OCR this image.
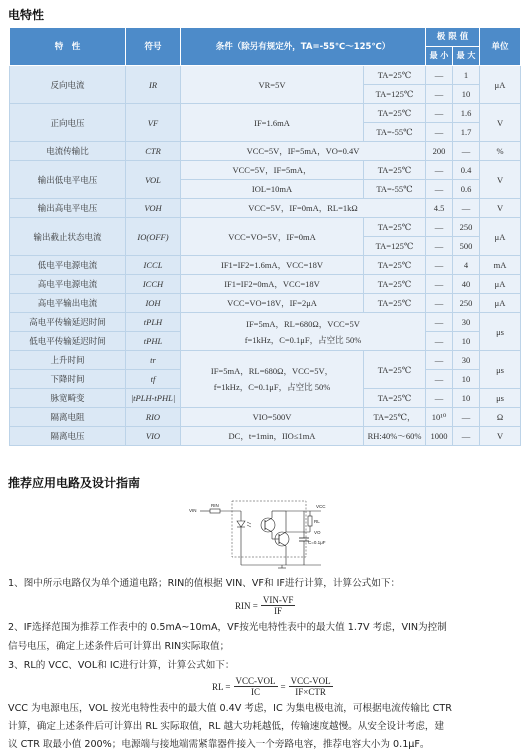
电特性
特　性	符号	条件（除另有规定外，TA=-55℃～125℃）		极 限 值		单位
				最 小	最 大	
反向电流	IR	VR=5V	TA=25℃	—	1	μA
			TA=125℃	—	10	
正向电压	VF	IF=1.6mA	TA=25℃	—	1.6	V
			TA=-55℃	—	1.7	
电流传输比	CTR	VCC=5V，IF=5mA，VO=0.4V		200	—	%
输出低电平电压	VOL	VCC=5V，IF=5mA，	TA=25℃	—	0.4	V
		IOL=10mA	TA=-55℃	—	0.6	
输出高电平电压	VOH	VCC=5V，IF=0mA，RL=1kΩ		4.5	—	V
输出截止状态电流	IO(OFF)	VCC=VO=5V，IF=0mA	TA=25℃	—	250	μA
			TA=125℃	—	500	
低电平电源电流	ICCL	IF1=IF2=1.6mA，VCC=18V	TA=25℃	—	4	mA
高电平电源电流	ICCH	IF1=IF2=0mA，VCC=18V	TA=25℃	—	40	μA
高电平输出电流	IOH	VCC=VO=18V，IF=2μA	TA=25℃	—	250	μA
高电平传输延迟时间	tPLH	IF=5mA，RL=680Ω，VCC=5V
f=1kHz，C=0.1μF，占空比 50%		—	30	μs
低电平传输延迟时间	tPHL			—	10	
上升时间	tr	IF=5mA，RL=680Ω，VCC=5V，
f=1kHz，C=0.1μF，占空比 50%	TA=25℃	—	30	μs
下降时间	tf			—	10	
脉宽畸变	|tPLH-tPHL|		TA=25℃	—	10	μs
隔离电阻	RIO	VIO=500V	TA=25℃，	10¹⁰	—	Ω
隔离电压	VIO	DC，t=1min，IIO≤1mA	RH:40%～60%	1000	—	V
推荐应用电路及设计指南
VIN
RIN	VCC
RL
VO
C=0.1μF
1、图中所示电路仅为单个通道电路；RIN的值根据 VIN、VF和 IF进行计算，计算公式如下：
RIN = $\frac{\text{VIN-VF}}{IF}$
2、IF选择范围为推荐工作表中的 0.5mA~10mA，VF按光电特性表中的最大值 1.7V 考虑，VIN为控制
信号电压，确定上述条件后可计算出 RIN实际取值；
3、RL的 VCC、VOL和 IC进行计算，计算公式如下：
RL = $\frac{\text{VCC-VOL}}{IC} = \frac{\text{VCC-VOL}}{\text{IF×CTR}}$
VCC 为电源电压，VOL 按光电特性表中的最大值 0.4V 考虑，IC 为集电极电流，可根据电流传输比 CTR
计算，确定上述条件后可计算出 RL 实际取值，RL 越大功耗越低，传输速度越慢。从安全设计考虑，建
议 CTR 取最小值 200%；电源端与接地端需紧靠器件接入一个旁路电容，推荐电容大小为 0.1μF。
